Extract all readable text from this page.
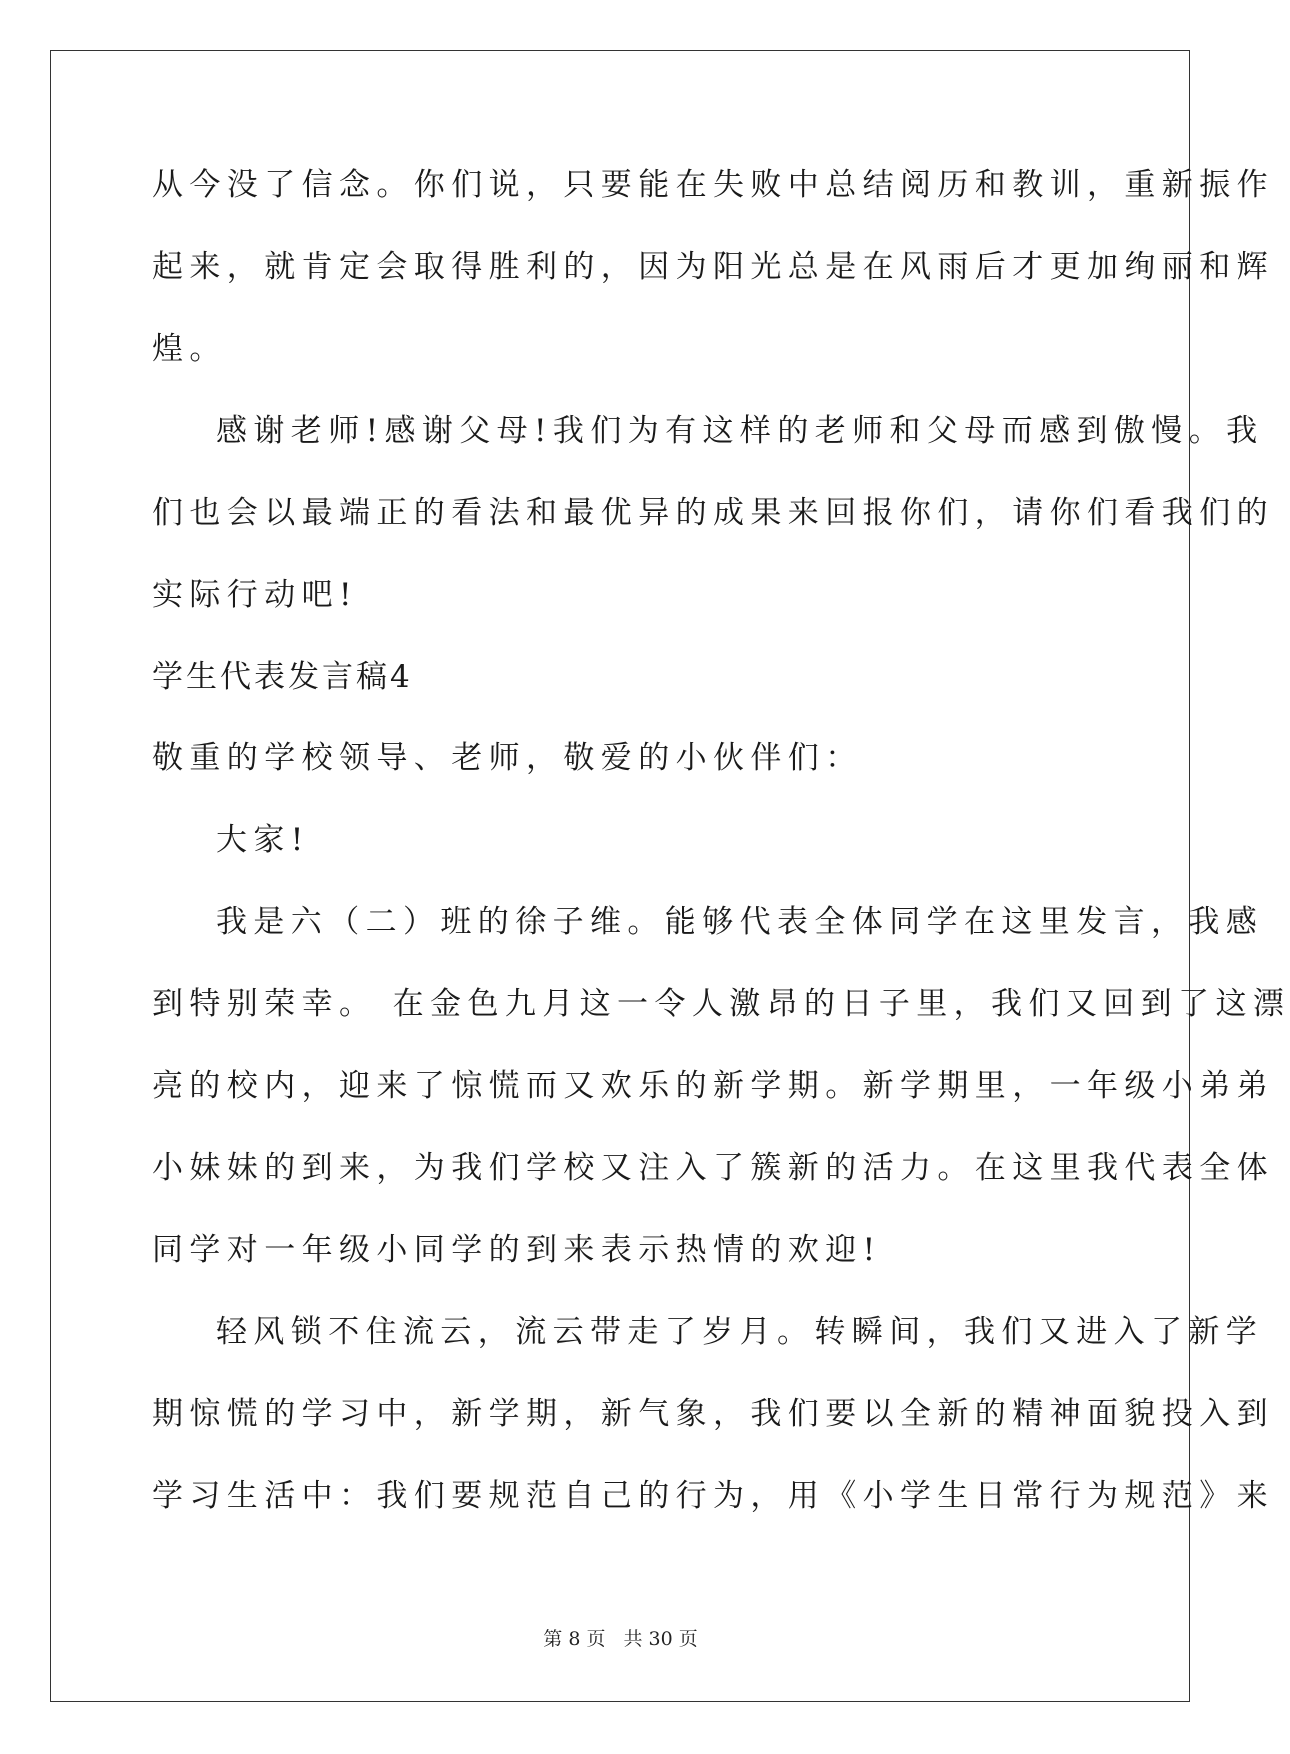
从今没了信念。你们说，只要能在失败中总结阅历和教训，重新振作
起来，就肯定会取得胜利的，因为阳光总是在风雨后才更加绚丽和辉
煌。
感谢老师!感谢父母!我们为有这样的老师和父母而感到傲慢。我
们也会以最端正的看法和最优异的成果来回报你们，请你们看我们的
实际行动吧!
学生代表发言稿4
敬重的学校领导、老师，敬爱的小伙伴们：
大家!
我是六（二）班的徐子维。能够代表全体同学在这里发言，我感
到特别荣幸。 在金色九月这一令人激昂的日子里，我们又回到了这漂
亮的校内，迎来了惊慌而又欢乐的新学期。新学期里，一年级小弟弟
小妹妹的到来，为我们学校又注入了簇新的活力。在这里我代表全体
同学对一年级小同学的到来表示热情的欢迎!
轻风锁不住流云，流云带走了岁月。转瞬间，我们又进入了新学
期惊慌的学习中，新学期，新气象，我们要以全新的精神面貌投入到
学习生活中：我们要规范自己的行为，用《小学生日常行为规范》来
第 8 页 共 30 页
